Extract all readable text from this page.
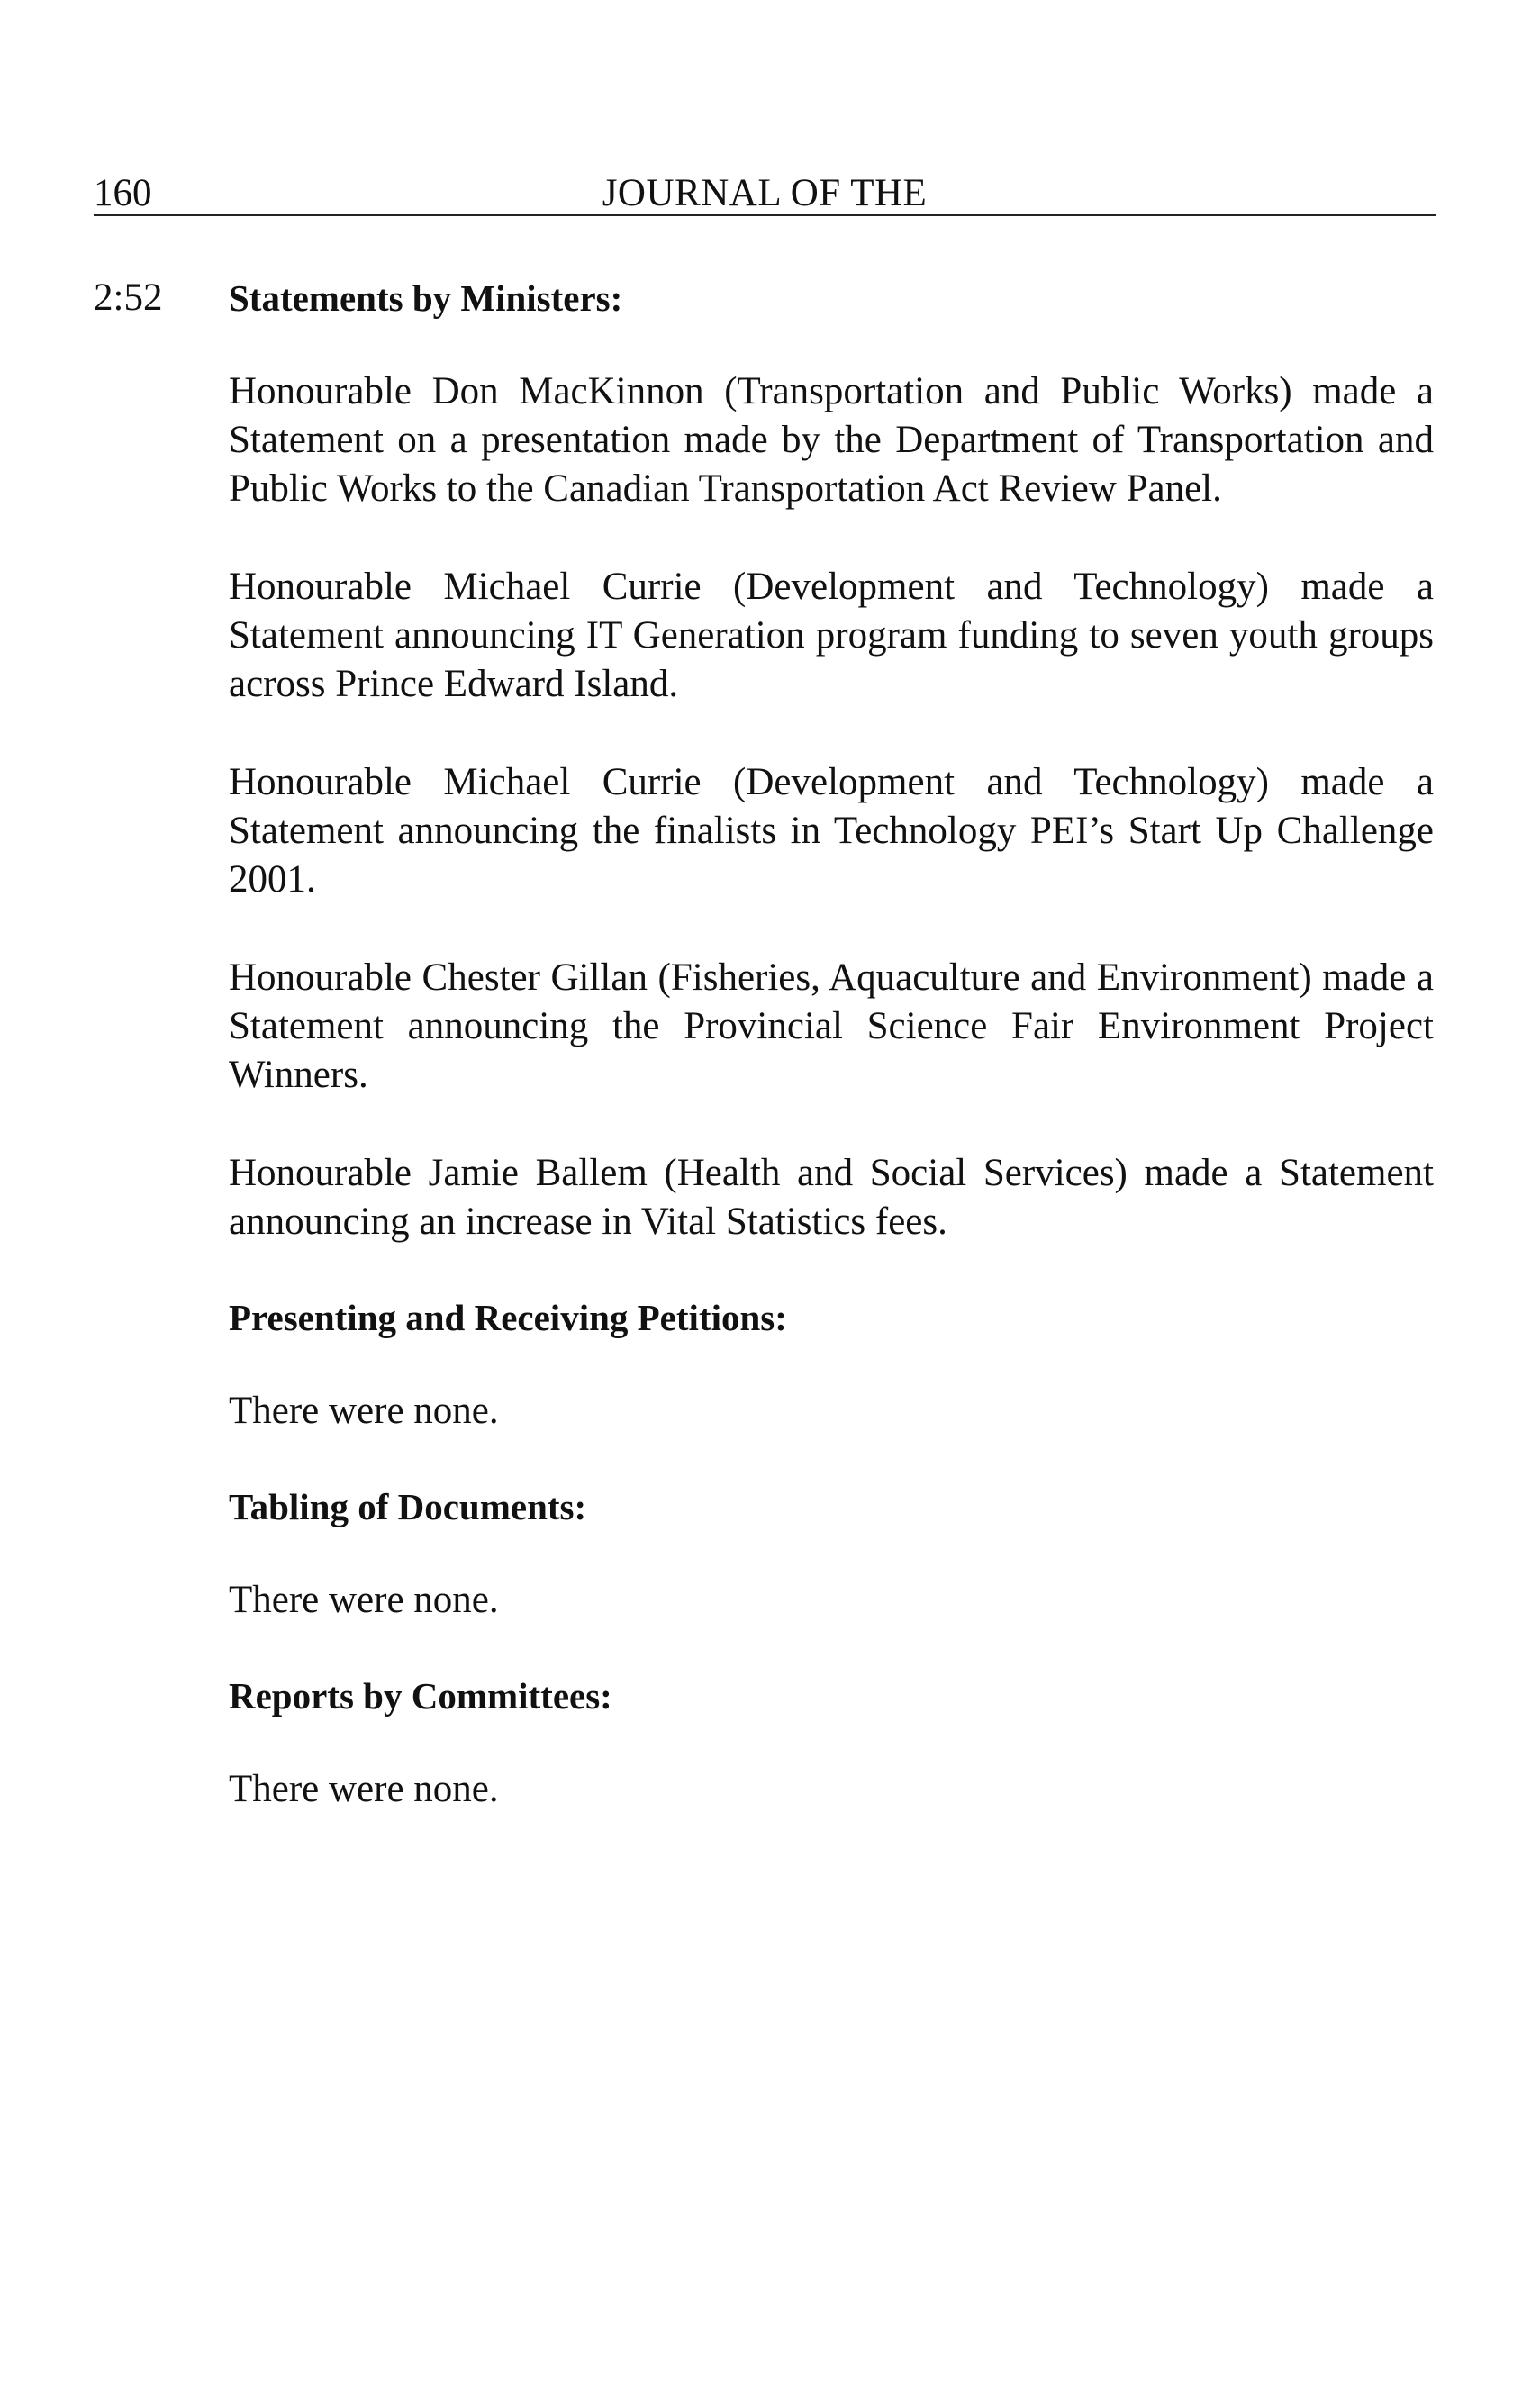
160	JOURNAL OF THE
2:52 Statements by Ministers:

Honourable Don MacKinnon (Transportation and Public Works) made a Statement on a presentation made by the Department of Transportation and Public Works to the Canadian Transportation Act Review Panel.

Honourable Michael Currie (Development and Technology) made a Statement announcing IT Generation program funding to seven youth groups across Prince Edward Island.

Honourable Michael Currie (Development and Technology) made a Statement announcing the finalists in Technology PEI’s Start Up Challenge 2001.

Honourable Chester Gillan (Fisheries, Aquaculture and Environment) made a Statement announcing the Provincial Science Fair Environment Project Winners.

Honourable Jamie Ballem (Health and Social Services) made a Statement announcing an increase in Vital Statistics fees.

Presenting and Receiving Petitions:

There were none.

Tabling of Documents:

There were none.

Reports by Committees:

There were none.
